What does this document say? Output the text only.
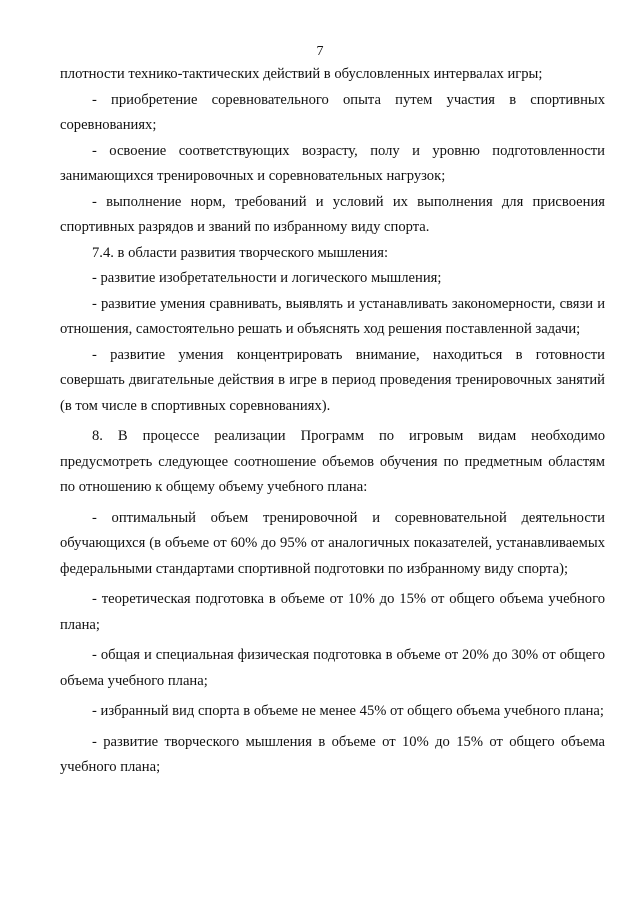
7

плотности технико-тактических действий в обусловленных интервалах игры;

- приобретение соревновательного опыта путем участия в спортивных соревнованиях;

- освоение соответствующих возрасту, полу и уровню подготовленности занимающихся тренировочных и соревновательных нагрузок;

- выполнение норм, требований и условий их выполнения для присвоения спортивных разрядов и званий по избранному виду спорта.

7.4. в области развития творческого мышления:

- развитие изобретательности и логического мышления;

- развитие умения сравнивать, выявлять и устанавливать закономерности, связи и отношения, самостоятельно решать и объяснять ход решения поставленной задачи;

- развитие умения концентрировать внимание, находиться в готовности совершать двигательные действия в игре в период проведения тренировочных занятий (в том числе в спортивных соревнованиях).

8. В процессе реализации Программ по игровым видам необходимо предусмотреть следующее соотношение объемов обучения по предметным областям по отношению к общему объему учебного плана:

- оптимальный объем тренировочной и соревновательной деятельности обучающихся (в объеме от 60% до 95% от аналогичных показателей, устанавливаемых федеральными стандартами спортивной подготовки по избранному виду спорта);

- теоретическая подготовка в объеме от 10% до 15% от общего объема учебного плана;

- общая и специальная физическая подготовка в объеме от 20% до 30% от общего объема учебного плана;

- избранный вид спорта в объеме не менее 45% от общего объема учебного плана;

- развитие творческого мышления в объеме от 10% до 15% от общего объема учебного плана;
